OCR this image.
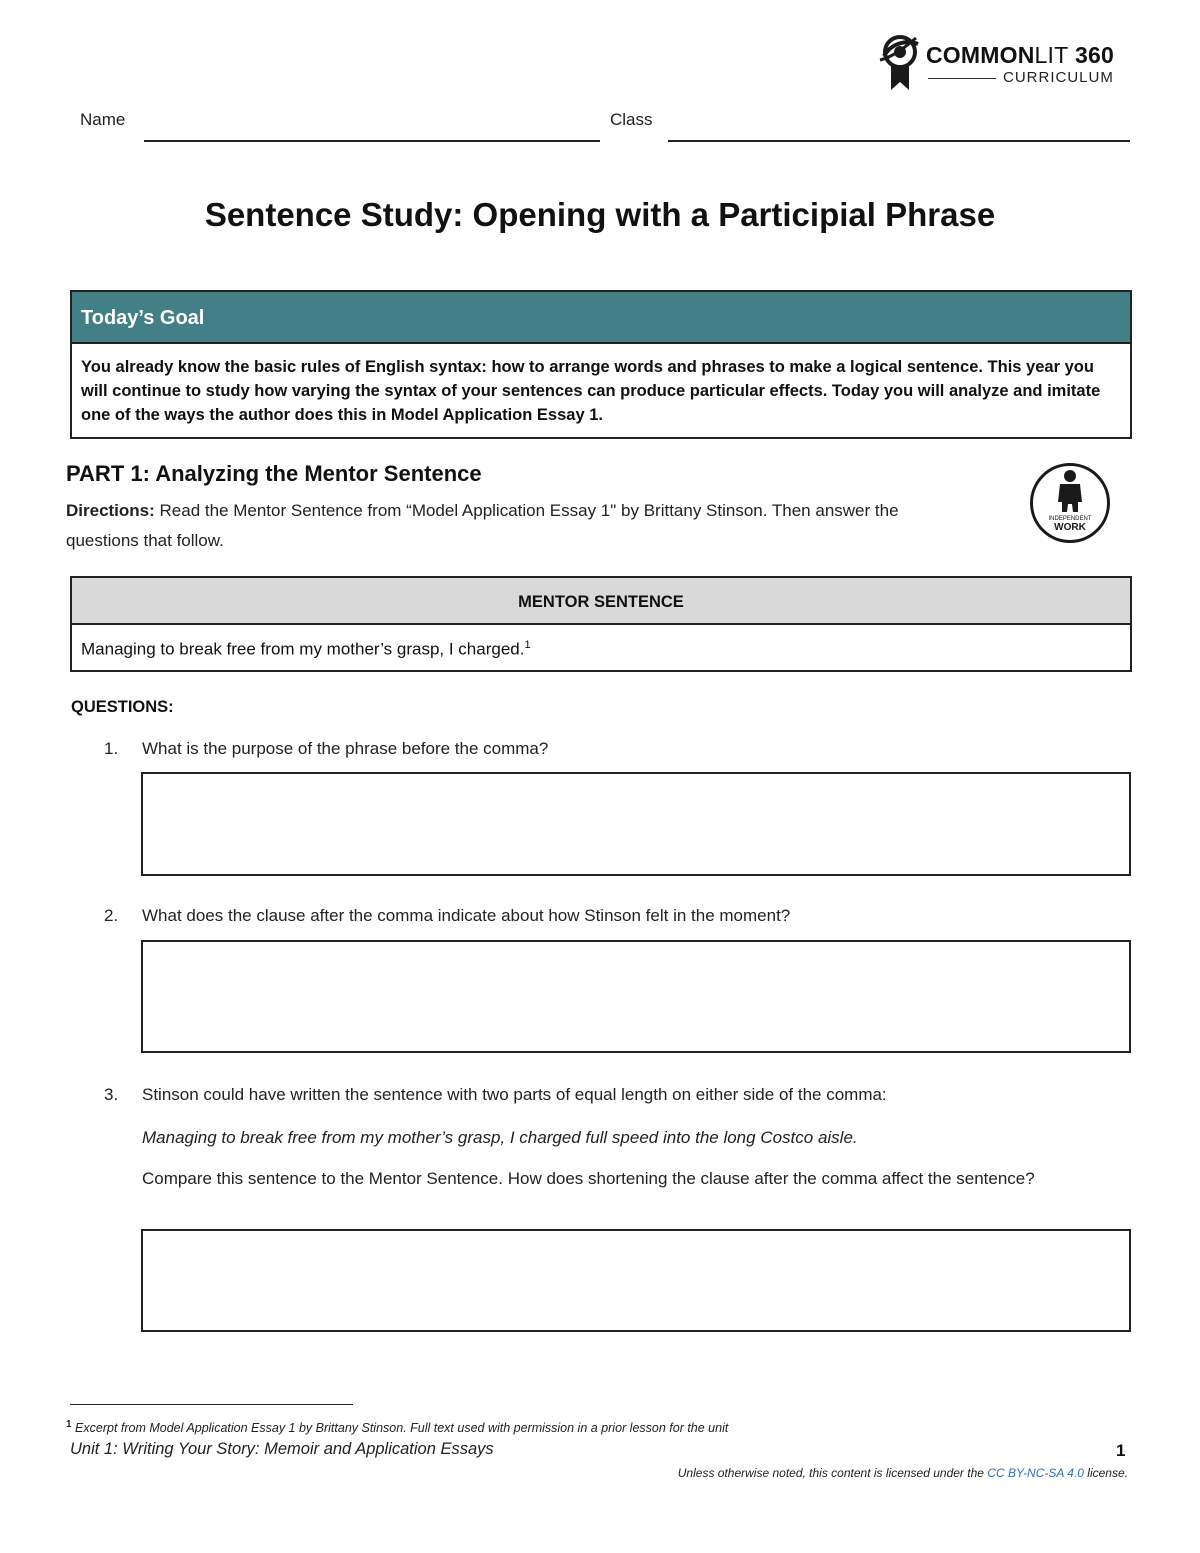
COMMONLIT 360
CURRICULUM
Name	Class
Sentence Study: Opening with a Participial Phrase
Today’s Goal
You already know the basic rules of English syntax: how to arrange words and phrases to make a logical sentence. This year you will continue to study how varying the syntax of your sentences can produce particular effects. Today you will analyze and imitate one of the ways the author does this in Model Application Essay 1.
PART 1: Analyzing the Mentor Sentence
Directions: Read the Mentor Sentence from “Model Application Essay 1" by Brittany Stinson. Then answer the questions that follow.
INDEPENDENT
WORK
MENTOR SENTENCE
Managing to break free from my mother’s grasp, I charged.$^1$
QUESTIONS:
1. What is the purpose of the phrase before the comma?
2. What does the clause after the comma indicate about how Stinson felt in the moment?
3. Stinson could have written the sentence with two parts of equal length on either side of the comma:
Managing to break free from my mother’s grasp, I charged full speed into the long Costco aisle.
Compare this sentence to the Mentor Sentence. How does shortening the clause after the comma affect the sentence?
$^1$ Excerpt from Model Application Essay 1 by Brittany Stinson. Full text used with permission in a prior lesson for the unit
Unit 1: Writing Your Story: Memoir and Application Essays	1
Unless otherwise noted, this content is licensed under the CC BY-NC-SA 4.0 license.
